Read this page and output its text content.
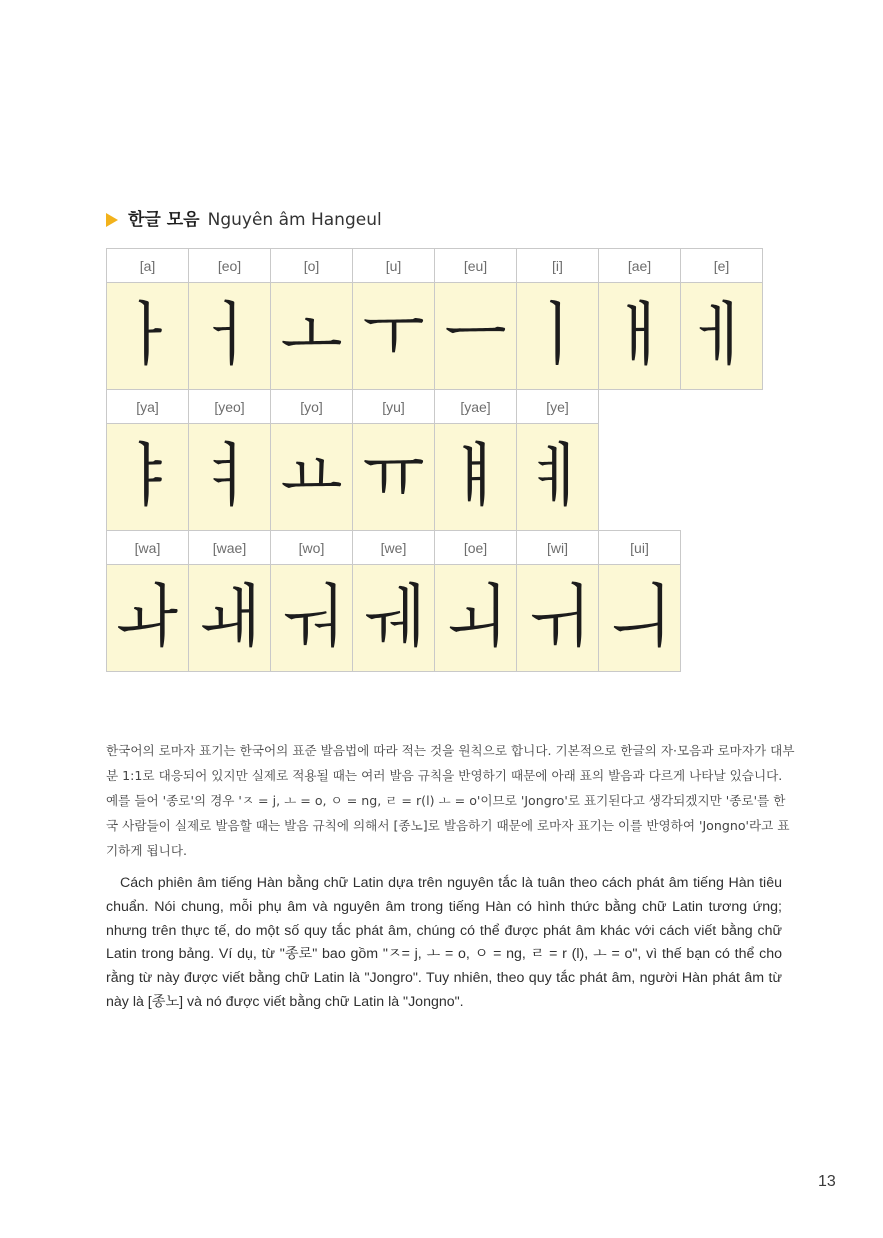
한글 모음 Nguyên âm Hangeul
[a]	[eo]	[o]	[u]	[eu]	[i]	[ae]	[e]
ㅏ	ㅓ	ㅗ	ㅜ	ㅡ	ㅣ	ㅐ	ㅔ
[ya]	[yeo]	[yo]	[yu]	[yae]	[ye]		
ㅑ	ㅕ	ㅛ	ㅠ	ㅒ	ㅖ		
[wa]	[wae]	[wo]	[we]	[oe]	[wi]	[ui]	
ㅘ	ㅙ	ㅝ	ㅞ	ㅚ	ㅟ	ㅢ	

한국어의 로마자 표기는 한국어의 표준 발음법에 따라 적는 것을 원칙으로 합니다. 기본적으로 한글의 자·모음과 로마자가 대부분 1:1로 대응되어 있지만 실제로 적용될 때는 여러 발음 규칙을 반영하기 때문에 아래 표의 발음과 다르게 나타날 있습니다. 예를 들어 '종로'의 경우 'ㅈ = j, ㅗ = o, ㅇ = ng, ㄹ = r(l) ㅗ = o'이므로 'Jongro'로 표기된다고 생각되겠지만 '종로'를 한국 사람들이 실제로 발음할 때는 발음 규칙에 의해서 [종노]로 발음하기 때문에 로마자 표기는 이를 반영하여 'Jongno'라고 표기하게 됩니다.

Cách phiên âm tiếng Hàn bằng chữ Latin dựa trên nguyên tắc là tuân theo cách phát âm tiếng Hàn tiêu chuẩn. Nói chung, mỗi phụ âm và nguyên âm trong tiếng Hàn có hình thức bằng chữ Latin tương ứng; nhưng trên thực tế, do một số quy tắc phát âm, chúng có thể được phát âm khác với cách viết bằng chữ Latin trong bảng. Ví dụ, từ "종로" bao gồm "ㅈ= j, ㅗ = o, ㅇ = ng, ㄹ = r (l), ㅗ = o", vì thế bạn có thể cho rằng từ này được viết bằng chữ Latin là "Jongro". Tuy nhiên, theo quy tắc phát âm, người Hàn phát âm từ này là [종노] và nó được viết bằng chữ Latin là "Jongno".

13
